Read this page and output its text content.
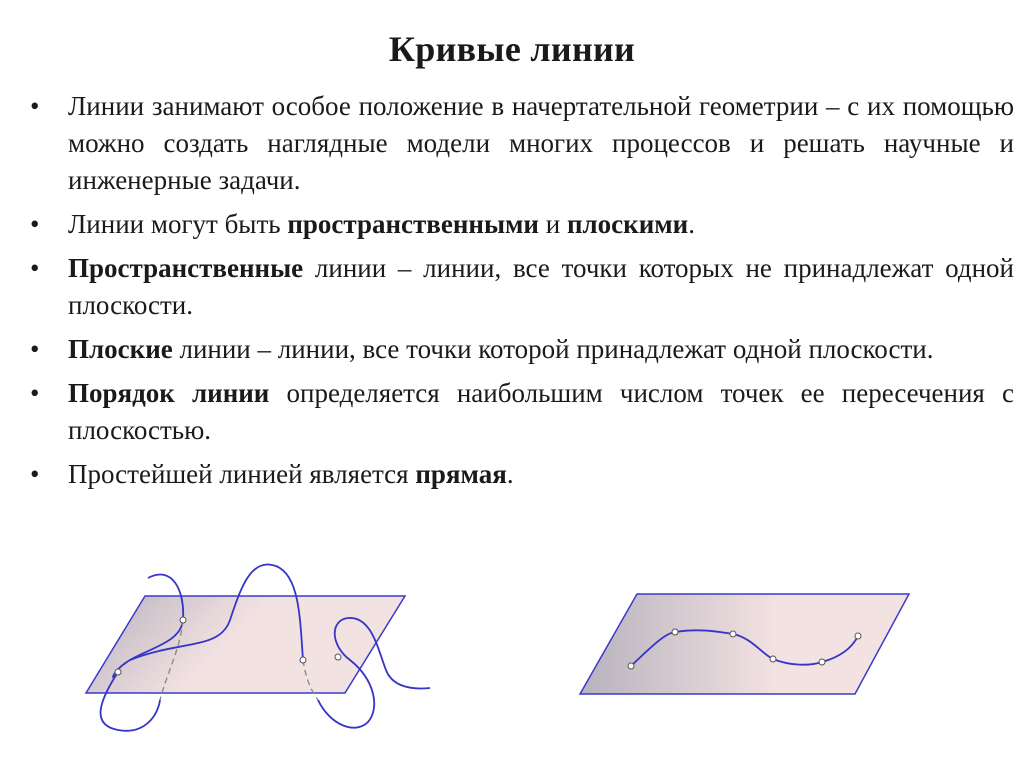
Кривые линии
• Линии занимают особое положение в начертательной геометрии – с их помощью можно создать наглядные модели многих процессов и решать научные и инженерные задачи.
• Линии могут быть пространственными и плоскими.
• Пространственные линии – линии, все точки которых не принадлежат одной плоскости.
• Плоские линии – линии, все точки которой принадлежат одной плоскости.
• Порядок линии определяется наибольшим числом точек ее пересечения с плоскостью.
• Простейшей линией является прямая.
